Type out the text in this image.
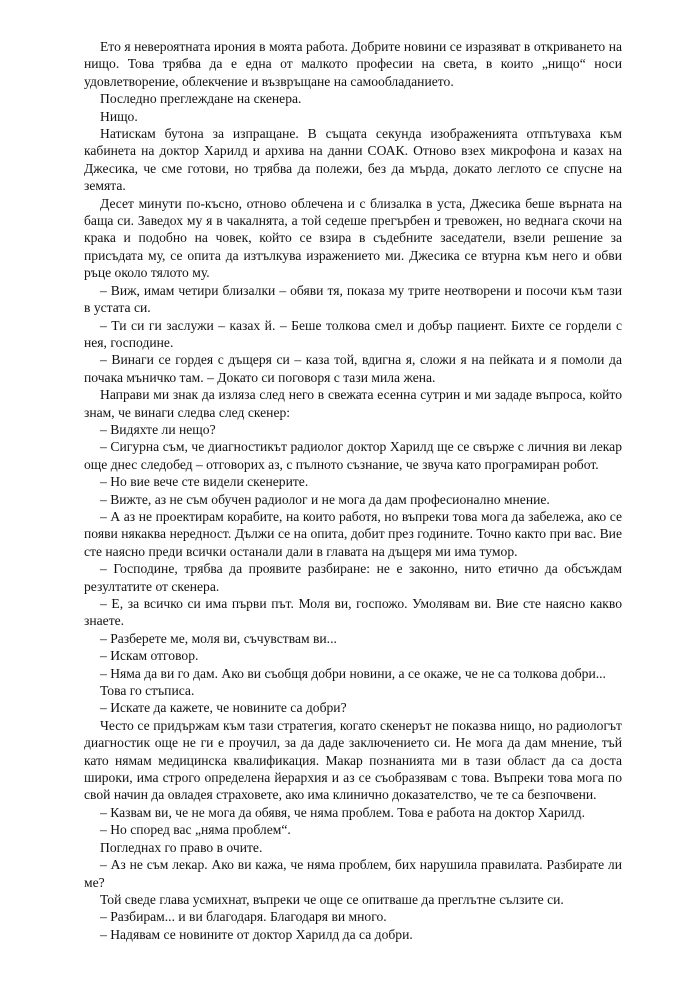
Ето я невероятната ирония в моята работа. Добрите новини се изразяват в откриването на нищо. Това трябва да е една от малкото професии на света, в които „нищо“ носи удовлетворение, облекчение и възвръщане на самообладанието.

Последно преглеждане на скенера.

Нищо.

Натискам бутона за изпращане. В същата секунда изображенията отпътуваха към кабинета на доктор Харилд и архива на данни СОАК. Отново взех микрофона и казах на Джесика, че сме готови, но трябва да полежи, без да мърда, докато леглото се спусне на земята.

Десет минути по-късно, отново облечена и с близалка в уста, Джесика беше върната на баща си. Заведох му я в чакалнята, а той седеше прегърбен и тревожен, но веднага скочи на крака и подобно на човек, който се взира в съдебните заседатели, взели решение за присъдата му, се опита да изтълкува изражението ми. Джесика се втурна към него и обви ръце около тялото му.

– Виж, имам четири близалки – обяви тя, показа му трите неотворени и посочи към тази в устата си.

– Ти си ги заслужи – казах й. – Беше толкова смел и добър пациент. Бихте се гордели с нея, господине.

– Винаги се гордея с дъщеря си – каза той, вдигна я, сложи я на пейката и я помоли да почака мъничко там. – Докато си поговоря с тази мила жена.

Направи ми знак да изляза след него в свежата есенна сутрин и ми зададе въпроса, който знам, че винаги следва след скенер:

– Видяхте ли нещо?

– Сигурна съм, че диагностикът радиолог доктор Харилд ще се свърже с личния ви лекар още днес следобед – отговорих аз, с пълното съзнание, че звуча като програмиран робот.

– Но вие вече сте видели скенерите.

– Вижте, аз не съм обучен радиолог и не мога да дам професионално мнение.

– А аз не проектирам корабите, на които работя, но въпреки това мога да забележа, ако се появи някаква нередност. Дължи се на опита, добит през годините. Точно както при вас. Вие сте наясно преди всички останали дали в главата на дъщеря ми има тумор.

– Господине, трябва да проявите разбиране: не е законно, нито етично да обсъждам резултатите от скенера.

– Е, за всичко си има първи път. Моля ви, госпожо. Умолявам ви. Вие сте наясно какво знаете.

– Разберете ме, моля ви, съчувствам ви...

– Искам отговор.

– Няма да ви го дам. Ако ви съобщя добри новини, а се окаже, че не са толкова добри...

Това го стъписа.

– Искате да кажете, че новините са добри?

Често се придържам към тази стратегия, когато скенерът не показва нищо, но радиологът диагностик още не ги е проучил, за да даде заключението си. Не мога да дам мнение, тъй като нямам медицинска квалификация. Макар познанията ми в тази област да са доста широки, има строго определена йерархия и аз се съобразявам с това. Въпреки това мога по свой начин да овладея страховете, ако има клинично доказателство, че те са безпочвени.

– Казвам ви, че не мога да обявя, че няма проблем. Това е работа на доктор Харилд.

– Но според вас „няма проблем“.

Погледнах го право в очите.

– Аз не съм лекар. Ако ви кажа, че няма проблем, бих нарушила правилата. Разбирате ли ме?

Той сведе глава усмихнат, въпреки че още се опитваше да преглътне сълзите си.

– Разбирам... и ви благодаря. Благодаря ви много.

– Надявам се новините от доктор Харилд да са добри.
